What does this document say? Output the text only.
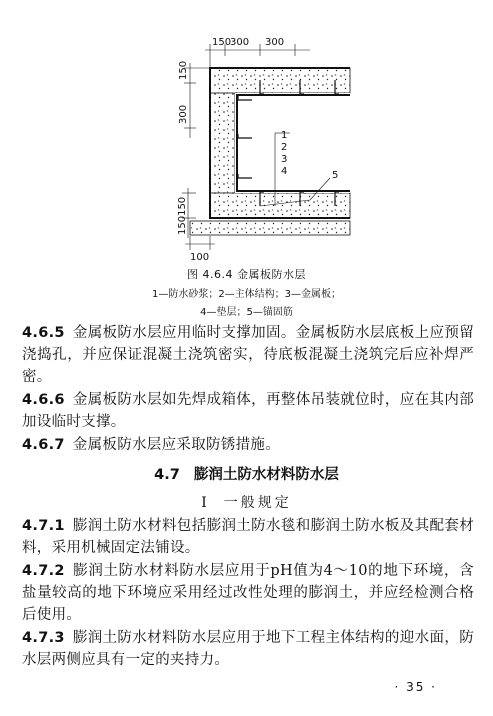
150
300 300
150
300
150150
100
1
2
3
4	5
图 4.6.4 金属板防水层
1—防水砂浆；2—主体结构；3—金属板；
4—垫层；5—锚固筋
4.6.5 金属板防水层应用临时支撑加固。金属板防水层底板上应预留浇捣孔，并应保证混凝土浇筑密实，待底板混凝土浇筑完后应补焊严密。
4.6.6 金属板防水层如先焊成箱体，再整体吊装就位时，应在其内部加设临时支撑。
4.6.7 金属板防水层应采取防锈措施。
4.7 膨润土防水材料防水层
Ⅰ 一般规定
4.7.1 膨润土防水材料包括膨润土防水毯和膨润土防水板及其配套材料，采用机械固定法铺设。
4.7.2 膨润土防水材料防水层应用于pH值为4～10的地下环境，含盐量较高的地下环境应采用经过改性处理的膨润土，并应经检测合格后使用。
4.7.3 膨润土防水材料防水层应用于地下工程主体结构的迎水面，防水层两侧应具有一定的夹持力。
· 35 ·
